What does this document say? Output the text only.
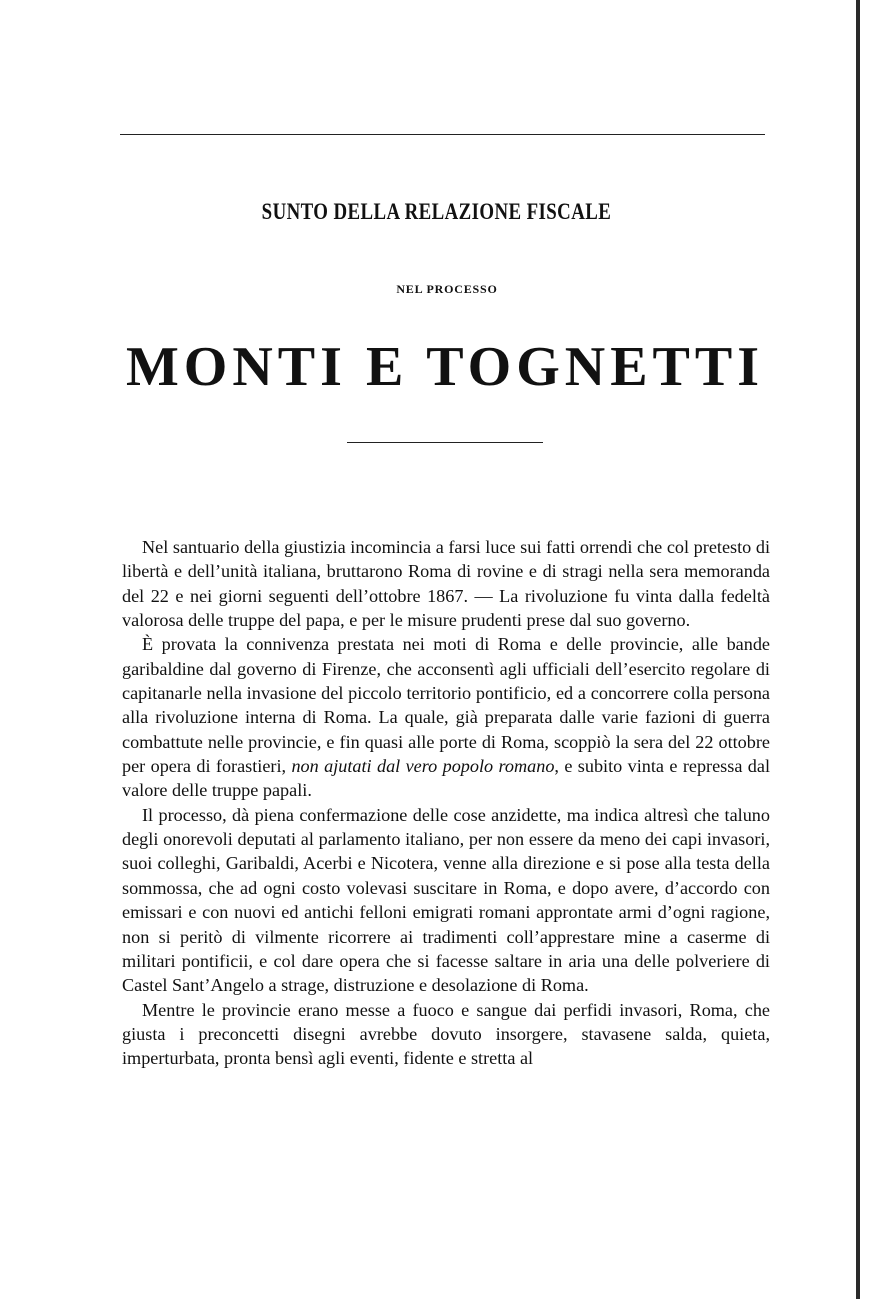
SUNTO DELLA RELAZIONE FISCALE
NEL PROCESSO
MONTI E TOGNETTI

Nel santuario della giustizia incomincia a farsi luce sui fatti orrendi che col pretesto di libertà e dell’unità italiana, bruttarono Roma di rovine e di stragi nella sera memoranda del 22 e nei giorni seguenti dell’ottobre 1867. — La rivoluzione fu vinta dalla fedeltà valorosa delle truppe del papa, e per le misure prudenti prese dal suo governo.

È provata la connivenza prestata nei moti di Roma e delle provincie, alle bande garibaldine dal governo di Firenze, che acconsentì agli ufficiali dell’esercito regolare di capitanarle nella invasione del piccolo territorio pontificio, ed a concorrere colla persona alla rivoluzione interna di Roma. La quale, già preparata dalle varie fazioni di guerra combattute nelle provincie, e fin quasi alle porte di Roma, scoppiò la sera del 22 ottobre per opera di forastieri, non ajutati dal vero popolo romano, e subito vinta e repressa dal valore delle truppe papali.

Il processo, dà piena confermazione delle cose anzidette, ma indica altresì che taluno degli onorevoli deputati al parlamento italiano, per non essere da meno dei capi invasori, suoi colleghi, Garibaldi, Acerbi e Nicotera, venne alla direzione e si pose alla testa della sommossa, che ad ogni costo volevasi suscitare in Roma, e dopo avere, d’accordo con emissari e con nuovi ed antichi felloni emigrati romani approntate armi d’ogni ragione, non si peritò di vilmente ricorrere ai tradimenti coll’apprestare mine a caserme di militari pontificii, e col dare opera che si facesse saltare in aria una delle polveriere di Castel Sant’Angelo a strage, distruzione e desolazione di Roma.

Mentre le provincie erano messe a fuoco e sangue dai perfidi invasori, Roma, che giusta i preconcetti disegni avrebbe dovuto insorgere, stavasene salda, quieta, imperturbata, pronta bensì agli eventi, fidente e stretta al
